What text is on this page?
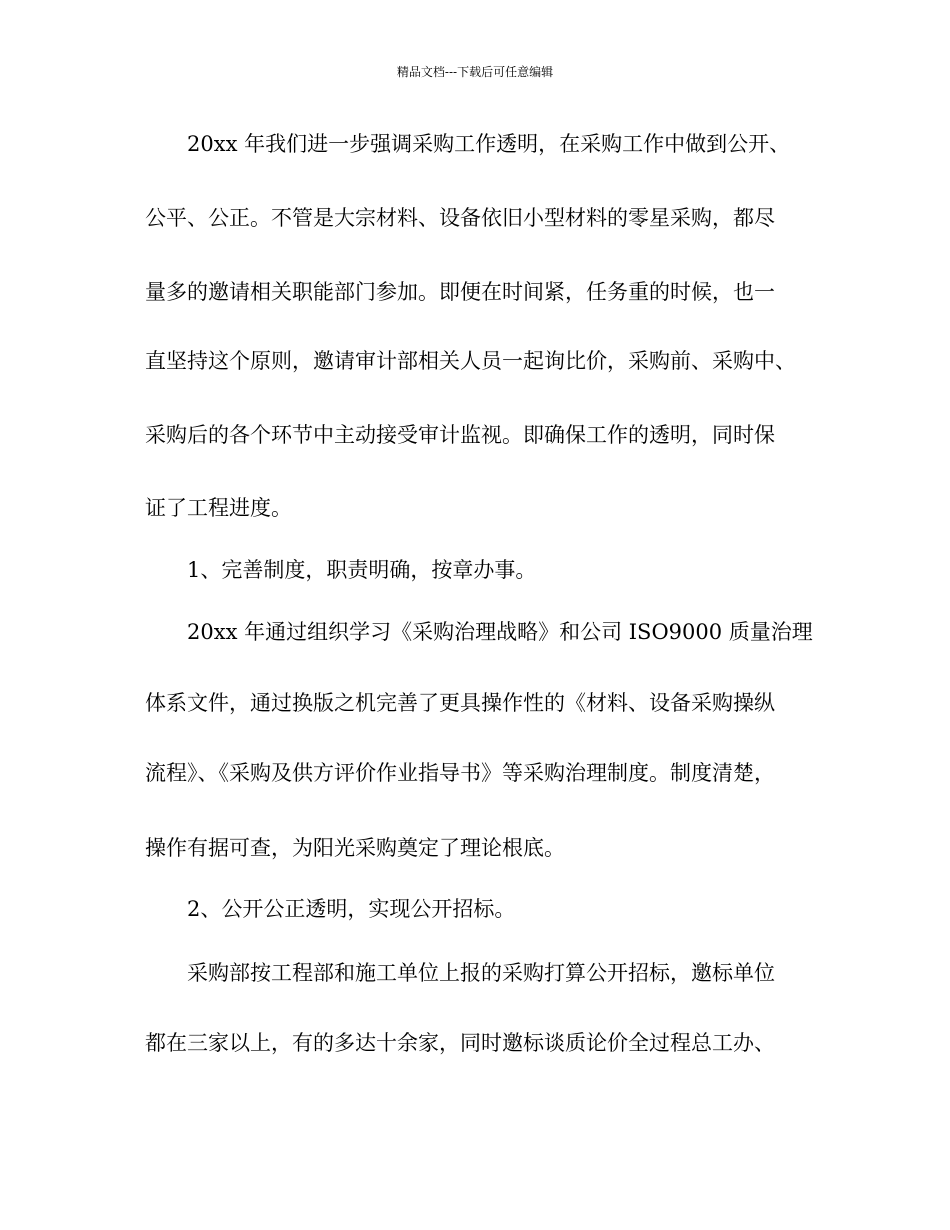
精品文档---下载后可任意编辑
20xx 年我们进一步强调采购工作透明，在采购工作中做到公开、
公平、公正。不管是大宗材料、设备依旧小型材料的零星采购，都尽
量多的邀请相关职能部门参加。即便在时间紧，任务重的时候，也一
直坚持这个原则，邀请审计部相关人员一起询比价，采购前、采购中、
采购后的各个环节中主动接受审计监视。即确保工作的透明，同时保
证了工程进度。
1、完善制度，职责明确，按章办事。
20xx 年通过组织学习《采购治理战略》和公司 ISO9000 质量治理
体系文件，通过换版之机完善了更具操作性的《材料、设备采购操纵
流程》、《采购及供方评价作业指导书》等采购治理制度。制度清楚，
操作有据可查，为阳光采购奠定了理论根底。
2、公开公正透明，实现公开招标。
采购部按工程部和施工单位上报的采购打算公开招标，邀标单位
都在三家以上，有的多达十余家，同时邀标谈质论价全过程总工办、
